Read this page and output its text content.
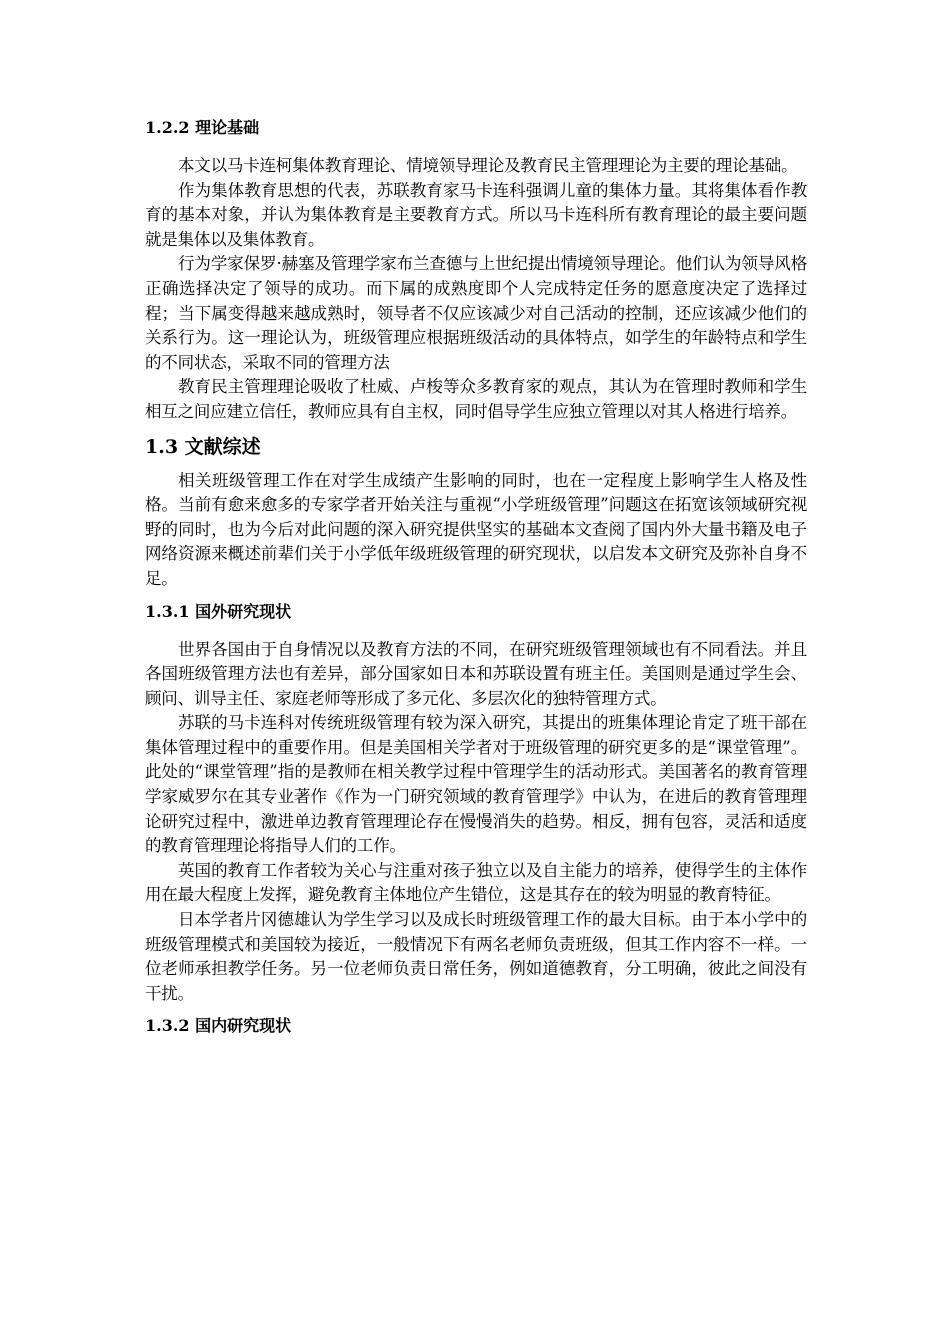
1.2.2 理论基础

本文以马卡连柯集体教育理论、情境领导理论及教育民主管理理论为主要的理论基础。

作为集体教育思想的代表，苏联教育家马卡连科强调儿童的集体力量。其将集体看作教育的基本对象，并认为集体教育是主要教育方式。所以马卡连科所有教育理论的最主要问题就是集体以及集体教育。

行为学家保罗·赫塞及管理学家布兰查德与上世纪提出情境领导理论。他们认为领导风格正确选择决定了领导的成功。而下属的成熟度即个人完成特定任务的愿意度决定了选择过程；当下属变得越来越成熟时，领导者不仅应该减少对自己活动的控制，还应该减少他们的关系行为。这一理论认为，班级管理应根据班级活动的具体特点，如学生的年龄特点和学生的不同状态，采取不同的管理方法

教育民主管理理论吸收了杜威、卢梭等众多教育家的观点，其认为在管理时教师和学生相互之间应建立信任，教师应具有自主权，同时倡导学生应独立管理以对其人格进行培养。

1.3 文献综述

相关班级管理工作在对学生成绩产生影响的同时，也在一定程度上影响学生人格及性格。当前有愈来愈多的专家学者开始关注与重视“小学班级管理”问题这在拓宽该领域研究视野的同时，也为今后对此问题的深入研究提供坚实的基础本文查阅了国内外大量书籍及电子网络资源来概述前辈们关于小学低年级班级管理的研究现状，以启发本文研究及弥补自身不足。

1.3.1 国外研究现状

世界各国由于自身情况以及教育方法的不同，在研究班级管理领域也有不同看法。并且各国班级管理方法也有差异，部分国家如日本和苏联设置有班主任。美国则是通过学生会、顾问、训导主任、家庭老师等形成了多元化、多层次化的独特管理方式。

苏联的马卡连科对传统班级管理有较为深入研究，其提出的班集体理论肯定了班干部在集体管理过程中的重要作用。但是美国相关学者对于班级管理的研究更多的是“课堂管理”。此处的“课堂管理”指的是教师在相关教学过程中管理学生的活动形式。美国著名的教育管理学家威罗尔在其专业著作《作为一门研究领域的教育管理学》中认为，在进后的教育管理理论研究过程中，激进单边教育管理理论存在慢慢消失的趋势。相反，拥有包容，灵活和适度的教育管理理论将指导人们的工作。

英国的教育工作者较为关心与注重对孩子独立以及自主能力的培养，使得学生的主体作用在最大程度上发挥，避免教育主体地位产生错位，这是其存在的较为明显的教育特征。

日本学者片冈德雄认为学生学习以及成长时班级管理工作的最大目标。由于本小学中的班级管理模式和美国较为接近，一般情况下有两名老师负责班级，但其工作内容不一样。一位老师承担教学任务。另一位老师负责日常任务，例如道德教育，分工明确，彼此之间没有干扰。

1.3.2 国内研究现状
